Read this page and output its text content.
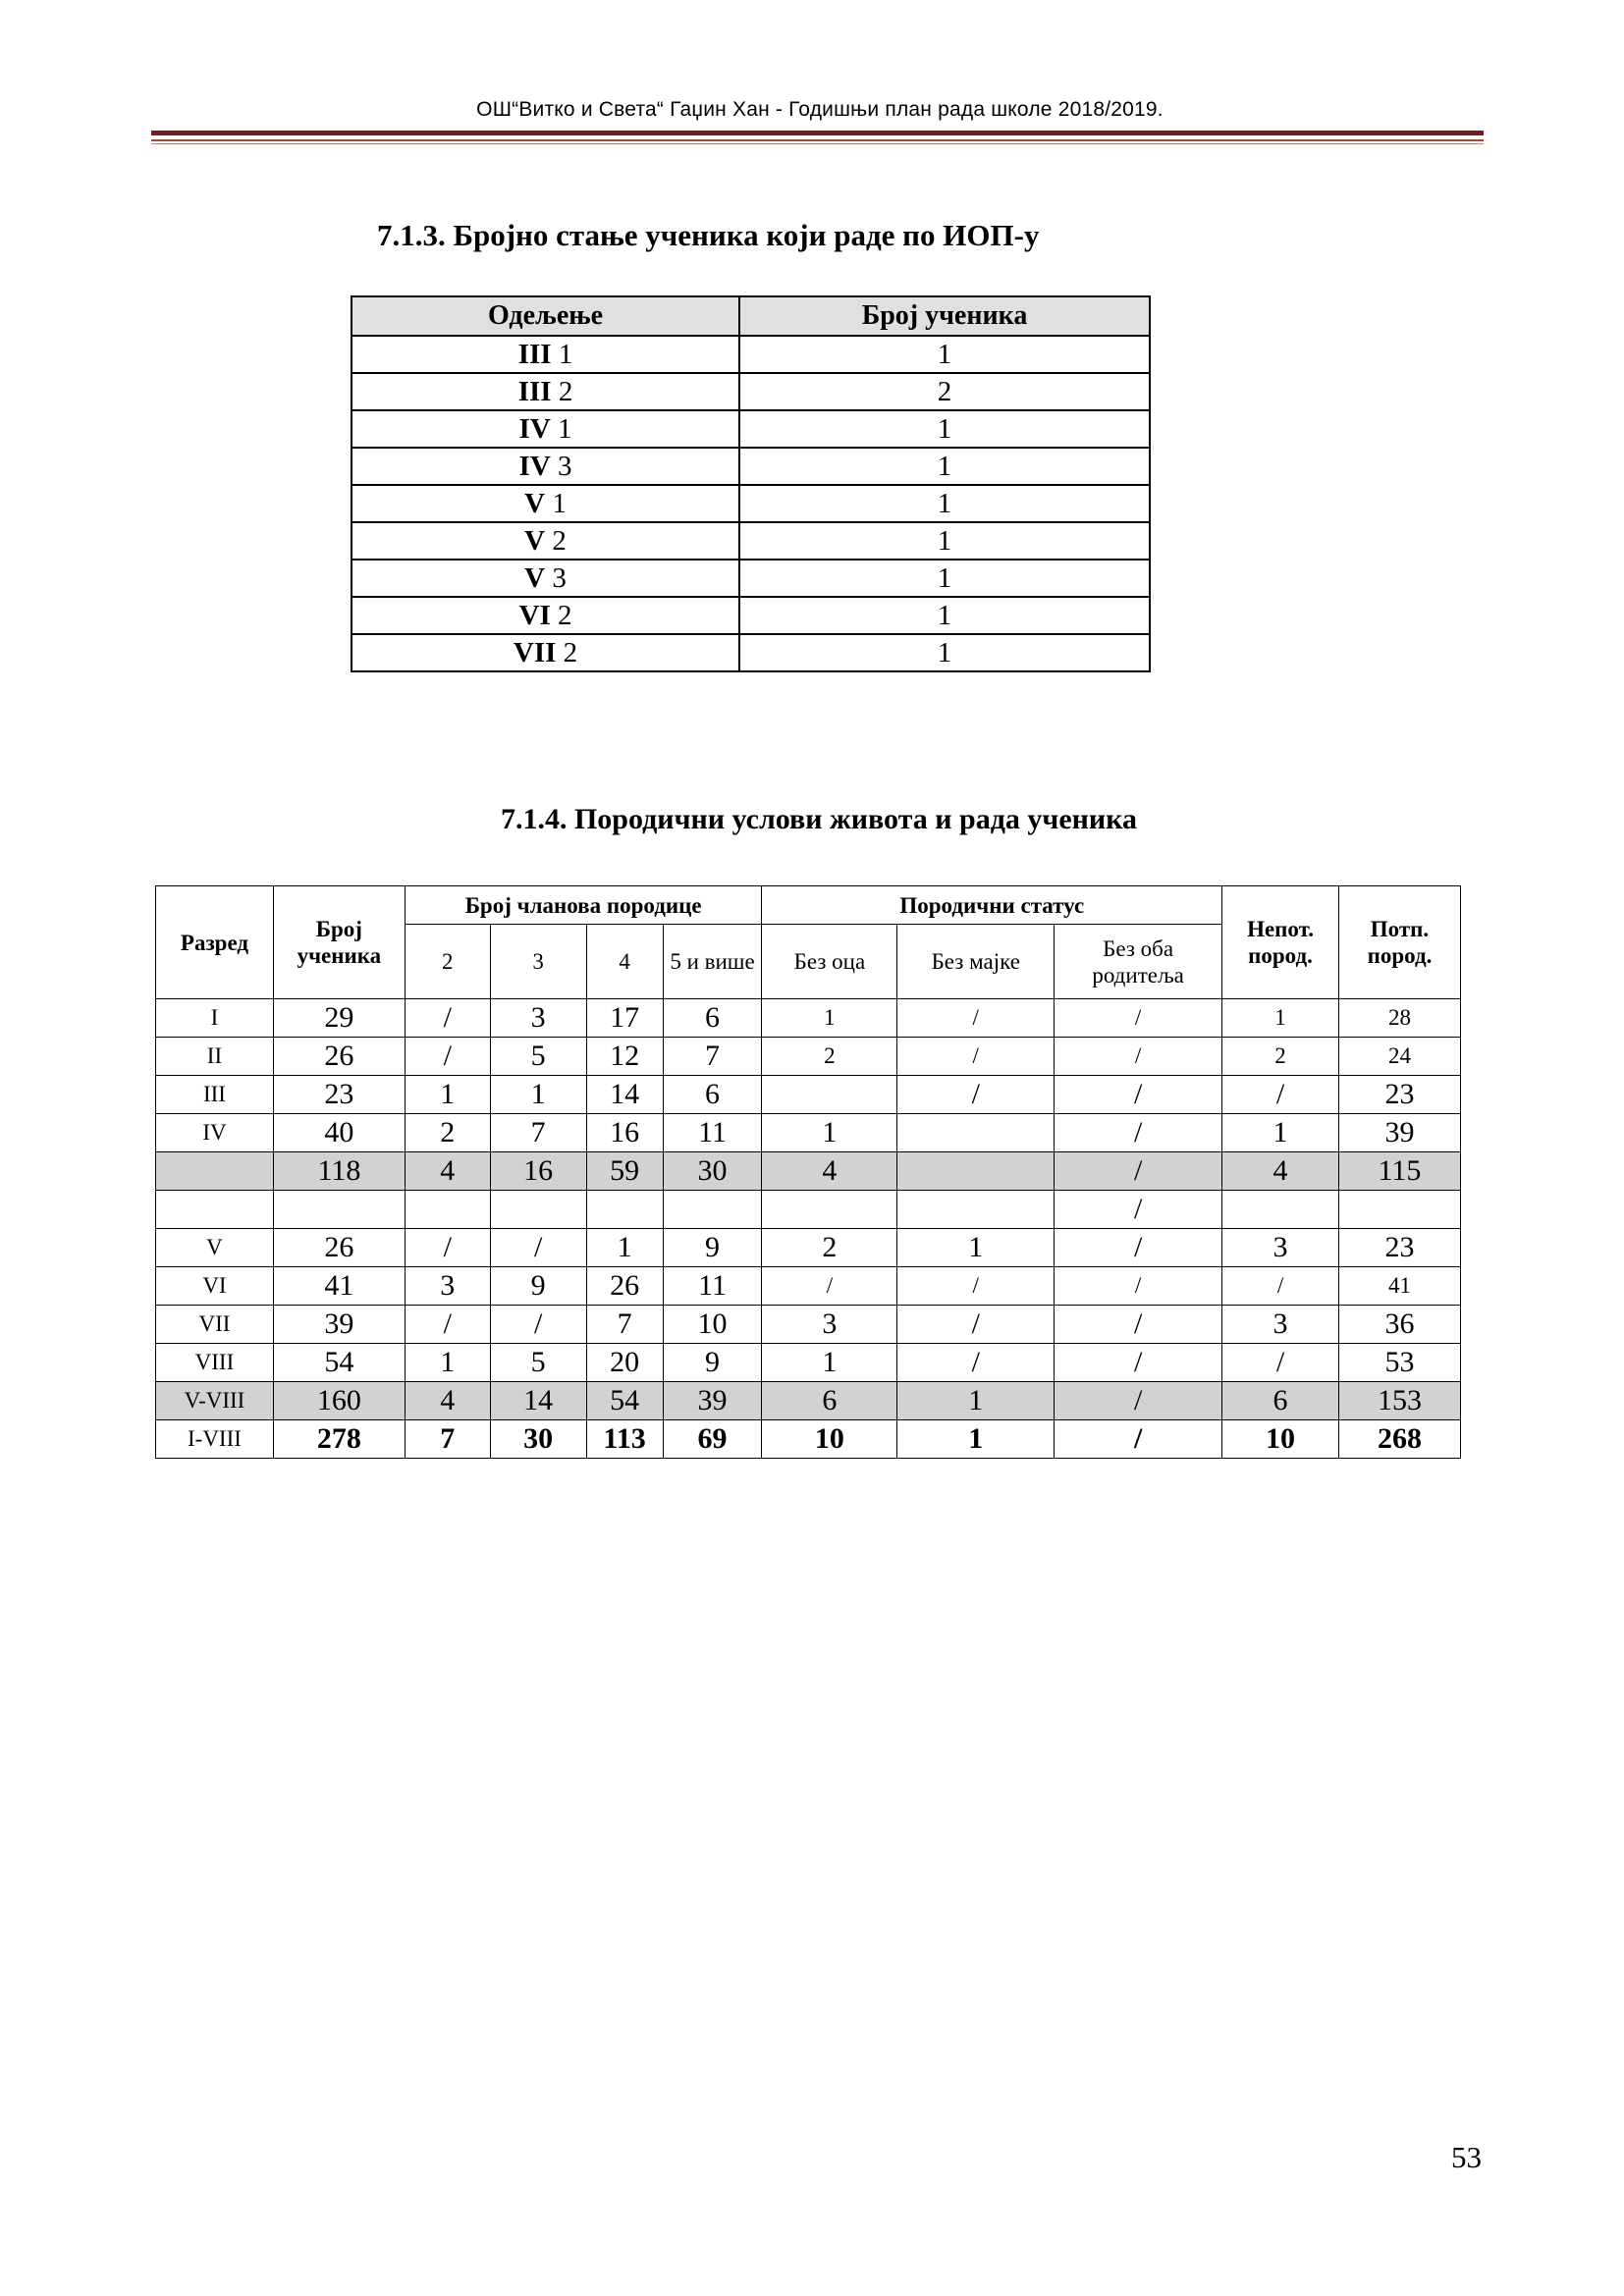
ОШ“Витко и Света“ Гаџин Хан - Годишњи план рада школе 2018/2019.
7.1.3. Бројно стање ученика који раде по ИОП-у
Одељење	Број ученика
III 1	1
III 2	2
IV 1	1
IV 3	1
V 1	1
V 2	1
V 3	1
VI 2	1
VII 2	1
7.1.4. Породични услови живота и рада ученика
Разред	Број ученика	Број чланова породице				Породични статус			Непот. пород.	Потп. пород.
		2	3	4	5 и више	Без оца	Без мајке	Без оба родитеља		
I	29	/	3	17	6	1	/	/	1	28
II	26	/	5	12	7	2	/	/	2	24
III	23	1	1	14	6		/	/	/	23
IV	40	2	7	16	11	1		/	1	39
	118	4	16	59	30	4		/	4	115
								/		
V	26	/	/	1	9	2	1	/	3	23
VI	41	3	9	26	11	/	/	/	/	41
VII	39	/	/	7	10	3	/	/	3	36
VIII	54	1	5	20	9	1	/	/	/	53
V-VIII	160	4	14	54	39	6	1	/	6	153
I-VIII	278	7	30	113	69	10	1	/	10	268
53
